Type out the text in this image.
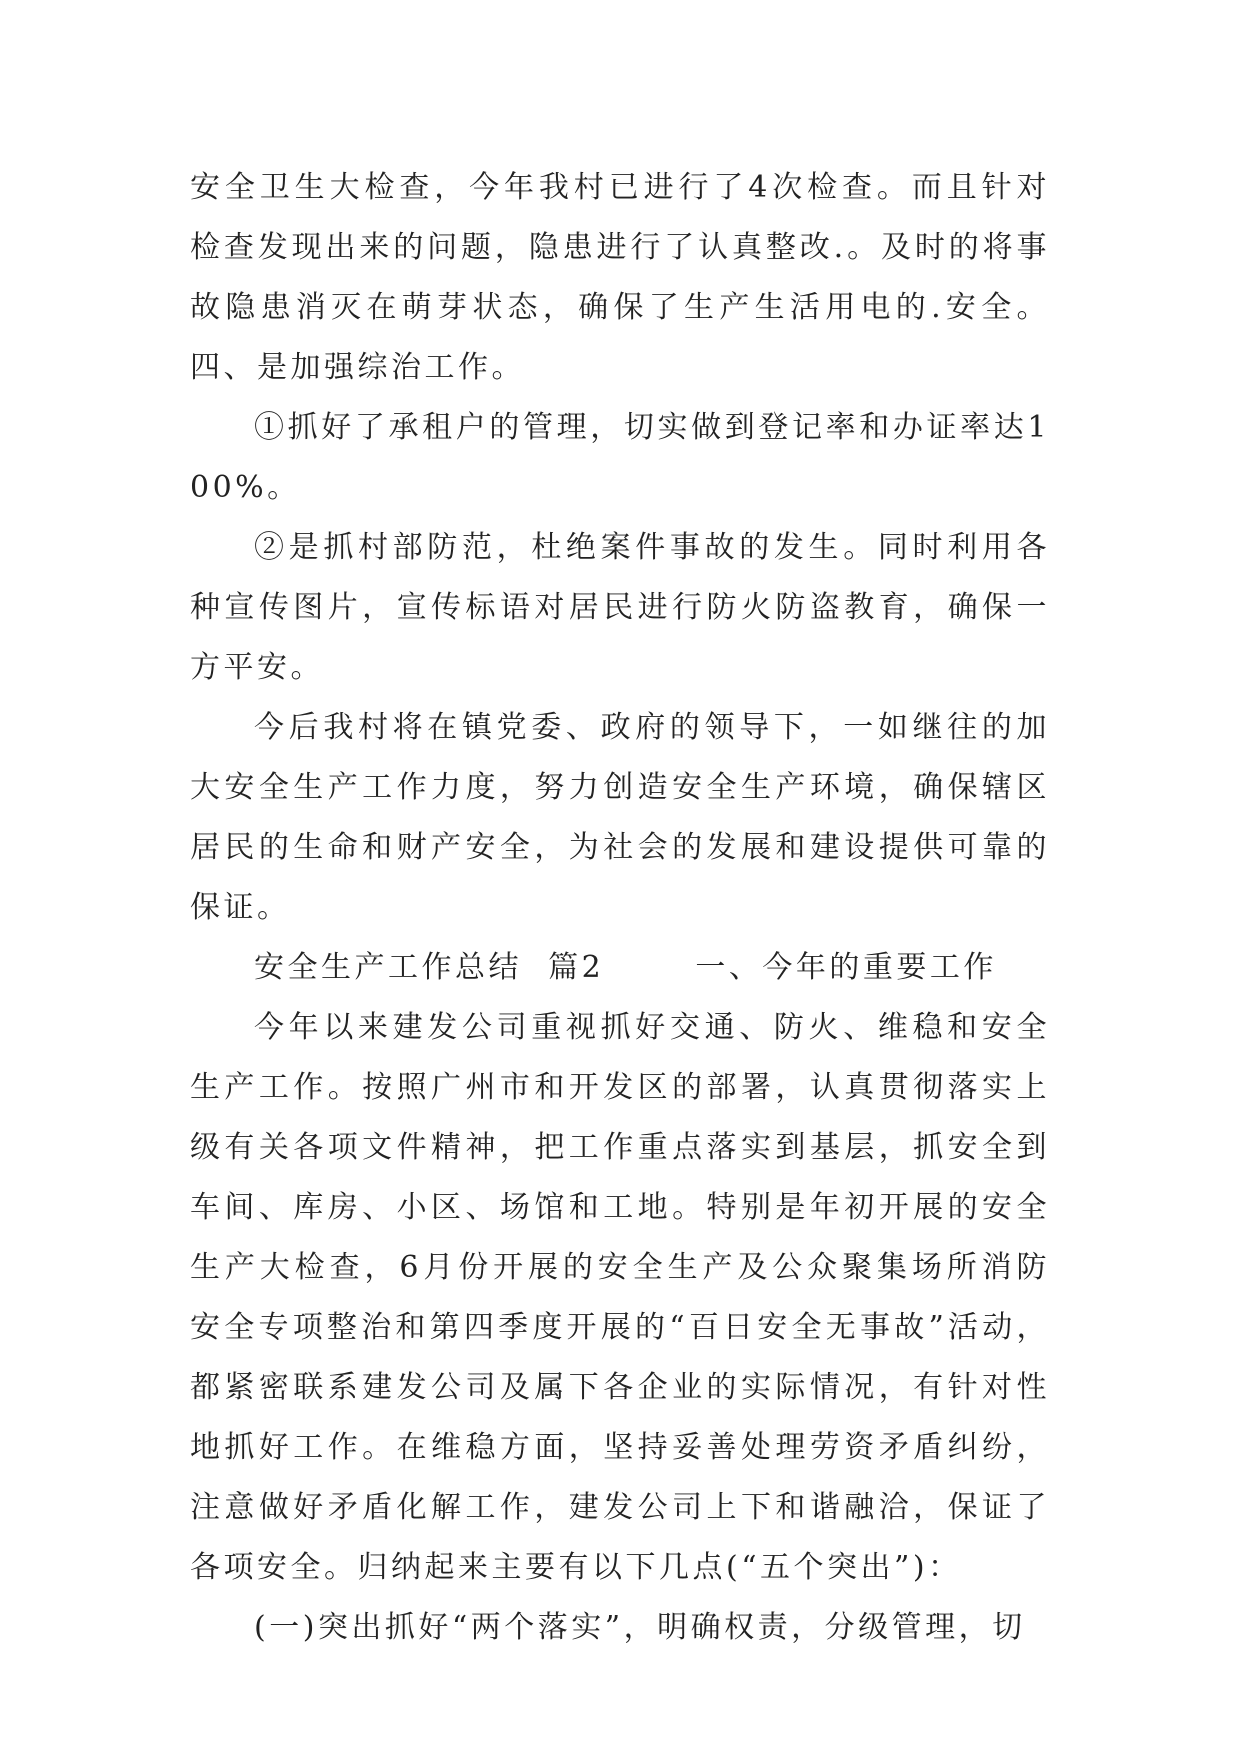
安全卫生大检查，今年我村已进行了4次检查。而且针对检查发现出来的问题，隐患进行了认真整改.。及时的将事故隐患消灭在萌芽状态，确保了生产生活用电的.安全。四、是加强综治工作。

①抓好了承租户的管理，切实做到登记率和办证率达100%。

②是抓村部防范，杜绝案件事故的发生。同时利用各种宣传图片，宣传标语对居民进行防火防盗教育，确保一方平安。

今后我村将在镇党委、政府的领导下，一如继往的加大安全生产工作力度，努力创造安全生产环境，确保辖区居民的生命和财产安全，为社会的发展和建设提供可靠的保证。

安全生产工作总结  篇2       一、今年的重要工作

今年以来建发公司重视抓好交通、防火、维稳和安全生产工作。按照广州市和开发区的部署，认真贯彻落实上级有关各项文件精神，把工作重点落实到基层，抓安全到车间、库房、小区、场馆和工地。特别是年初开展的安全生产大检查，6月份开展的安全生产及公众聚集场所消防安全专项整治和第四季度开展的“百日安全无事故”活动，都紧密联系建发公司及属下各企业的实际情况，有针对性地抓好工作。在维稳方面，坚持妥善处理劳资矛盾纠纷，注意做好矛盾化解工作，建发公司上下和谐融洽，保证了各项安全。归纳起来主要有以下几点(“五个突出”)：

(一)突出抓好“两个落实”，明确权责，分级管理，切
